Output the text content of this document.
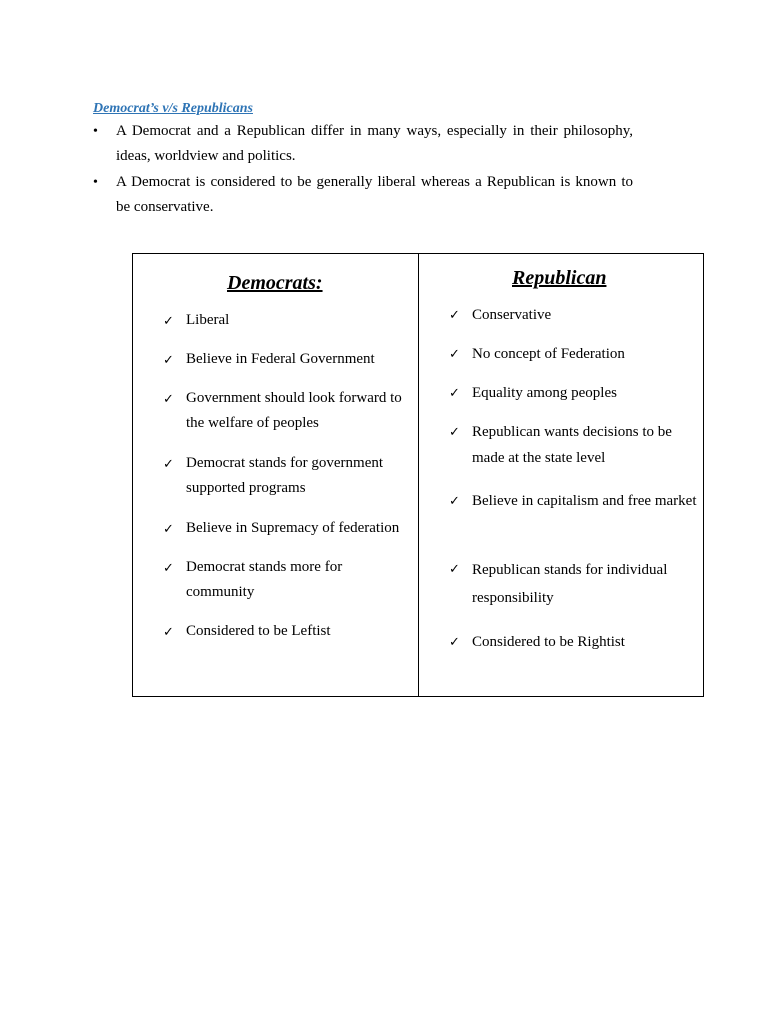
Democrat’s v/s Republicans

• A Democrat and a Republican differ in many ways, especially in their philosophy, ideas, worldview and politics.
• A Democrat is considered to be generally liberal whereas a Republican is known to be conservative.
Democrats:
✓ Liberal
✓ Believe in Federal Government
✓ Government should look forward to the welfare of peoples
✓ Democrat stands for government supported programs
✓ Believe in Supremacy of federation
✓ Democrat stands more for community
✓ Considered to be Leftist
Republican
✓ Conservative
✓ No concept of Federation
✓ Equality among peoples
✓ Republican wants decisions to be made at the state level
✓ Believe in capitalism and free market
✓ Republican stands for individual responsibility
✓ Considered to be Rightist
